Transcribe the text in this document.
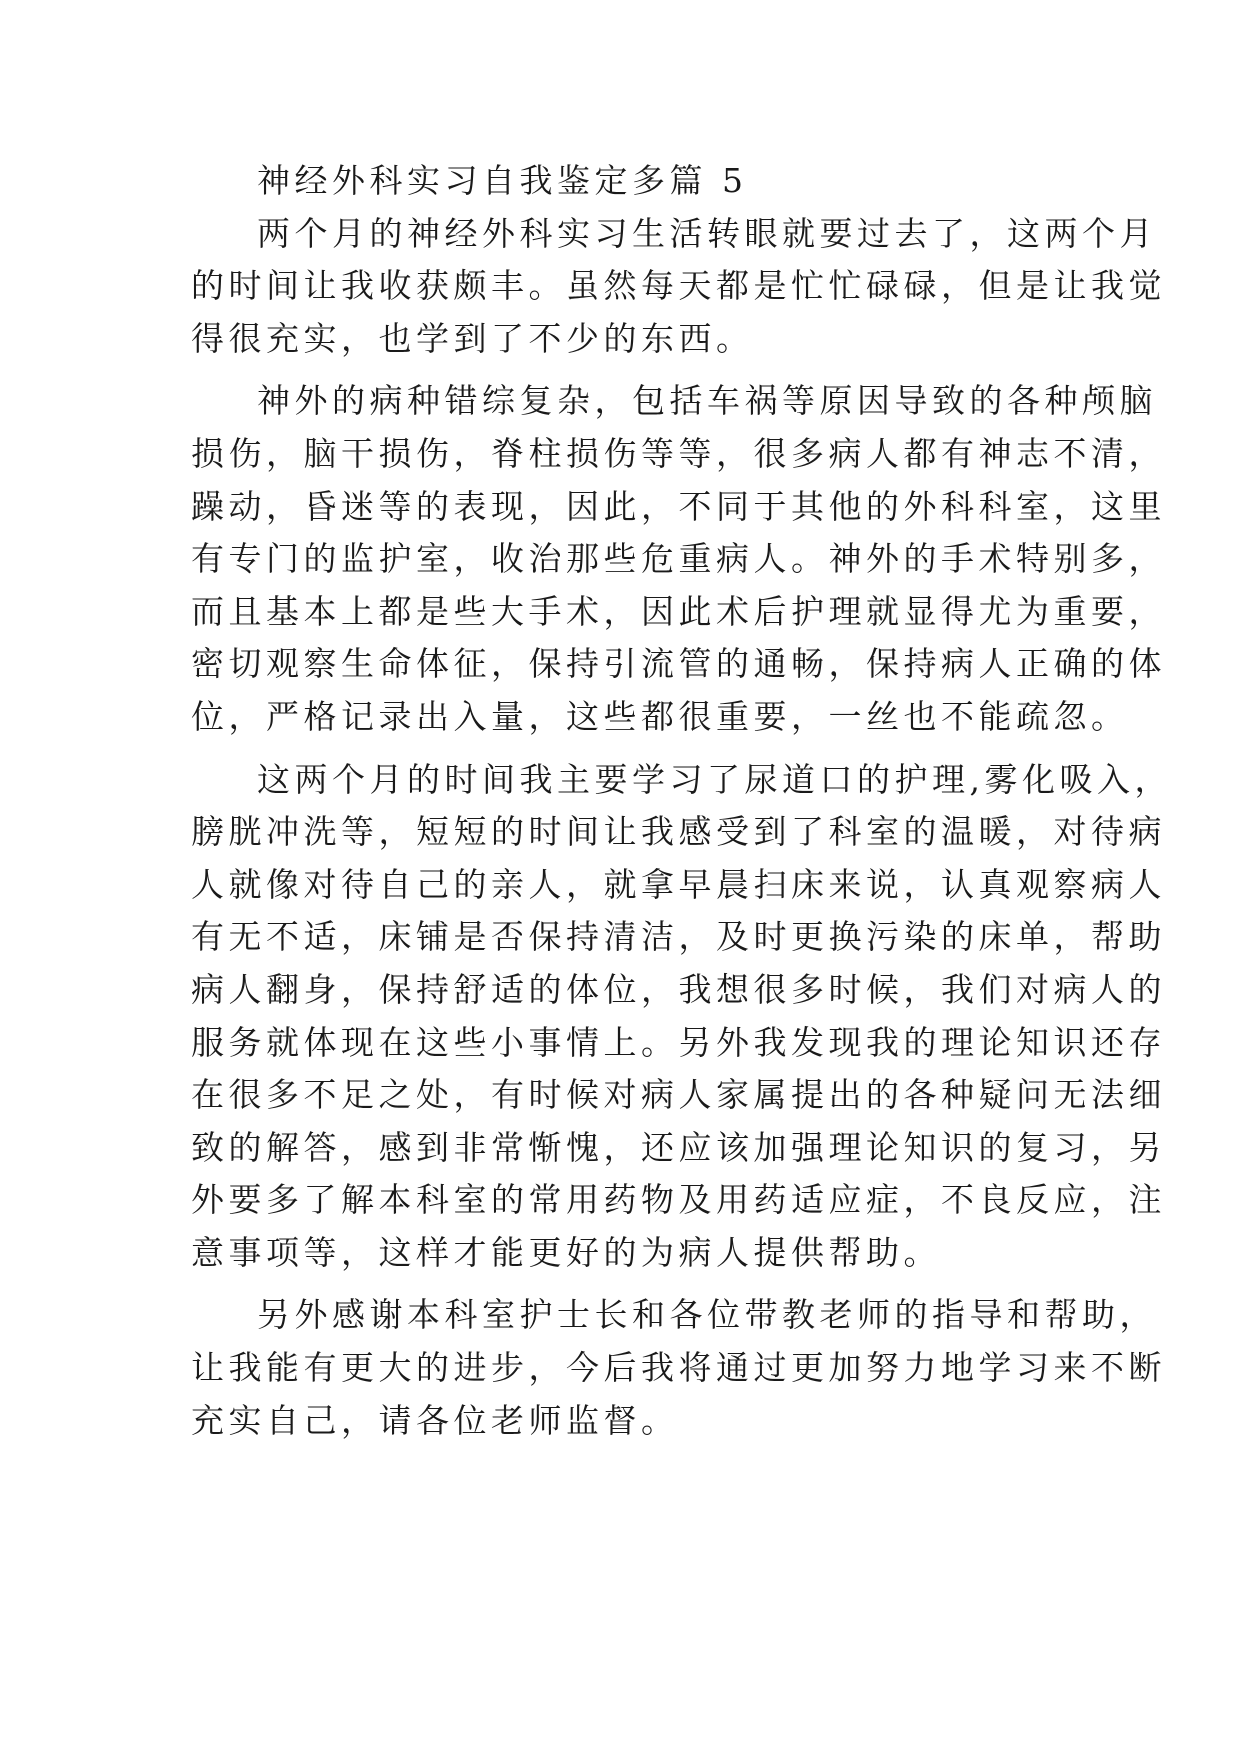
神经外科实习自我鉴定多篇 5
两个月的神经外科实习生活转眼就要过去了，这两个月
的时间让我收获颇丰。虽然每天都是忙忙碌碌，但是让我觉
得很充实，也学到了不少的东西。
神外的病种错综复杂，包括车祸等原因导致的各种颅脑
损伤，脑干损伤，脊柱损伤等等，很多病人都有神志不清，
躁动，昏迷等的表现，因此，不同于其他的外科科室，这里
有专门的监护室，收治那些危重病人。神外的手术特别多，
而且基本上都是些大手术，因此术后护理就显得尤为重要，
密切观察生命体征，保持引流管的通畅，保持病人正确的体
位，严格记录出入量，这些都很重要，一丝也不能疏忽。
这两个月的时间我主要学习了尿道口的护理,雾化吸入，
膀胱冲洗等，短短的时间让我感受到了科室的温暖，对待病
人就像对待自己的亲人，就拿早晨扫床来说，认真观察病人
有无不适，床铺是否保持清洁，及时更换污染的床单，帮助
病人翻身，保持舒适的体位，我想很多时候，我们对病人的
服务就体现在这些小事情上。另外我发现我的理论知识还存
在很多不足之处，有时候对病人家属提出的各种疑问无法细
致的解答，感到非常惭愧，还应该加强理论知识的复习，另
外要多了解本科室的常用药物及用药适应症，不良反应，注
意事项等，这样才能更好的为病人提供帮助。
另外感谢本科室护士长和各位带教老师的指导和帮助，
让我能有更大的进步，今后我将通过更加努力地学习来不断
充实自己，请各位老师监督。
